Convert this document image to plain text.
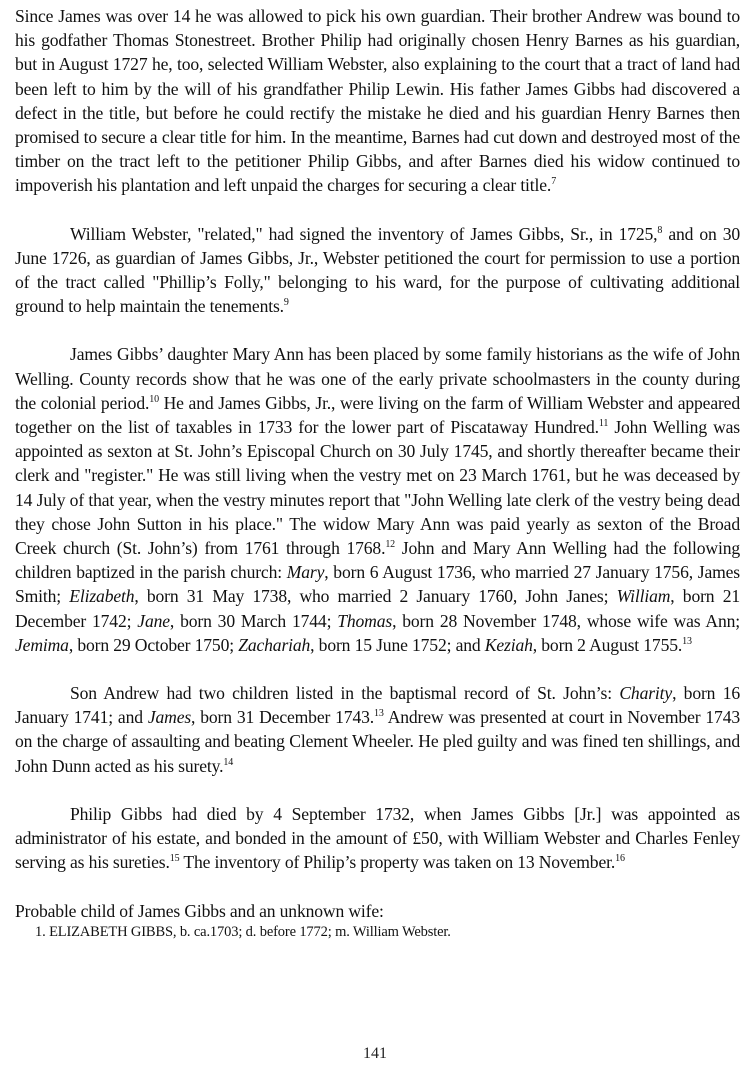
Since James was over 14 he was allowed to pick his own guardian. Their brother Andrew was bound to his godfather Thomas Stonestreet. Brother Philip had originally chosen Henry Barnes as his guardian, but in August 1727 he, too, selected William Webster, also explaining to the court that a tract of land had been left to him by the will of his grandfather Philip Lewin. His father James Gibbs had discovered a defect in the title, but before he could rectify the mistake he died and his guardian Henry Barnes then promised to secure a clear title for him. In the meantime, Barnes had cut down and destroyed most of the timber on the tract left to the petitioner Philip Gibbs, and after Barnes died his widow continued to impoverish his plantation and left unpaid the charges for securing a clear title.$^7$

William Webster, "related," had signed the inventory of James Gibbs, Sr., in 1725,$^8$ and on 30 June 1726, as guardian of James Gibbs, Jr., Webster petitioned the court for permission to use a portion of the tract called "Phillip’s Folly," belonging to his ward, for the purpose of cultivating additional ground to help maintain the tenements.$^9$

James Gibbs’ daughter Mary Ann has been placed by some family historians as the wife of John Welling. County records show that he was one of the early private schoolmasters in the county during the colonial period.$^{10}$ He and James Gibbs, Jr., were living on the farm of William Webster and appeared together on the list of taxables in 1733 for the lower part of Piscataway Hundred.$^{11}$ John Welling was appointed as sexton at St. John’s Episcopal Church on 30 July 1745, and shortly thereafter became their clerk and "register." He was still living when the vestry met on 23 March 1761, but he was deceased by 14 July of that year, when the vestry minutes report that "John Welling late clerk of the vestry being dead they chose John Sutton in his place." The widow Mary Ann was paid yearly as sexton of the Broad Creek church (St. John’s) from 1761 through 1768.12 John and Mary Ann Welling had the following children baptized in the parish church: Mary, born 6 August 1736, who married 27 January 1756, James Smith; Elizabeth, born 31 May 1738, who married 2 January 1760, John Janes; William, born 21 December 1742; Jane, born 30 March 1744; Thomas, born 28 November 1748, whose wife was Ann; Jemima, born 29 October 1750; Zachariah, born 15 June 1752; and Keziah, born 2 August 1755.13

Son Andrew had two children listed in the baptismal record of St. John’s: Charity, born 16 January 1741; and James, born 31 December 1743.13 Andrew was presented at court in November 1743 on the charge of assaulting and beating Clement Wheeler. He pled guilty and was fined ten shillings, and John Dunn acted as his surety.$^{14}$

Philip Gibbs had died by 4 September 1732, when James Gibbs [Jr.] was appointed as administrator of his estate, and bonded in the amount of £50, with William Webster and Charles Fenley serving as his sureties.$^{15}$ The inventory of Philip’s property was taken on 13 November.$^{16}$

Probable child of James Gibbs and an unknown wife:

1. ELIZABETH GIBBS, b. ca.1703; d. before 1772; m. William Webster.

141
